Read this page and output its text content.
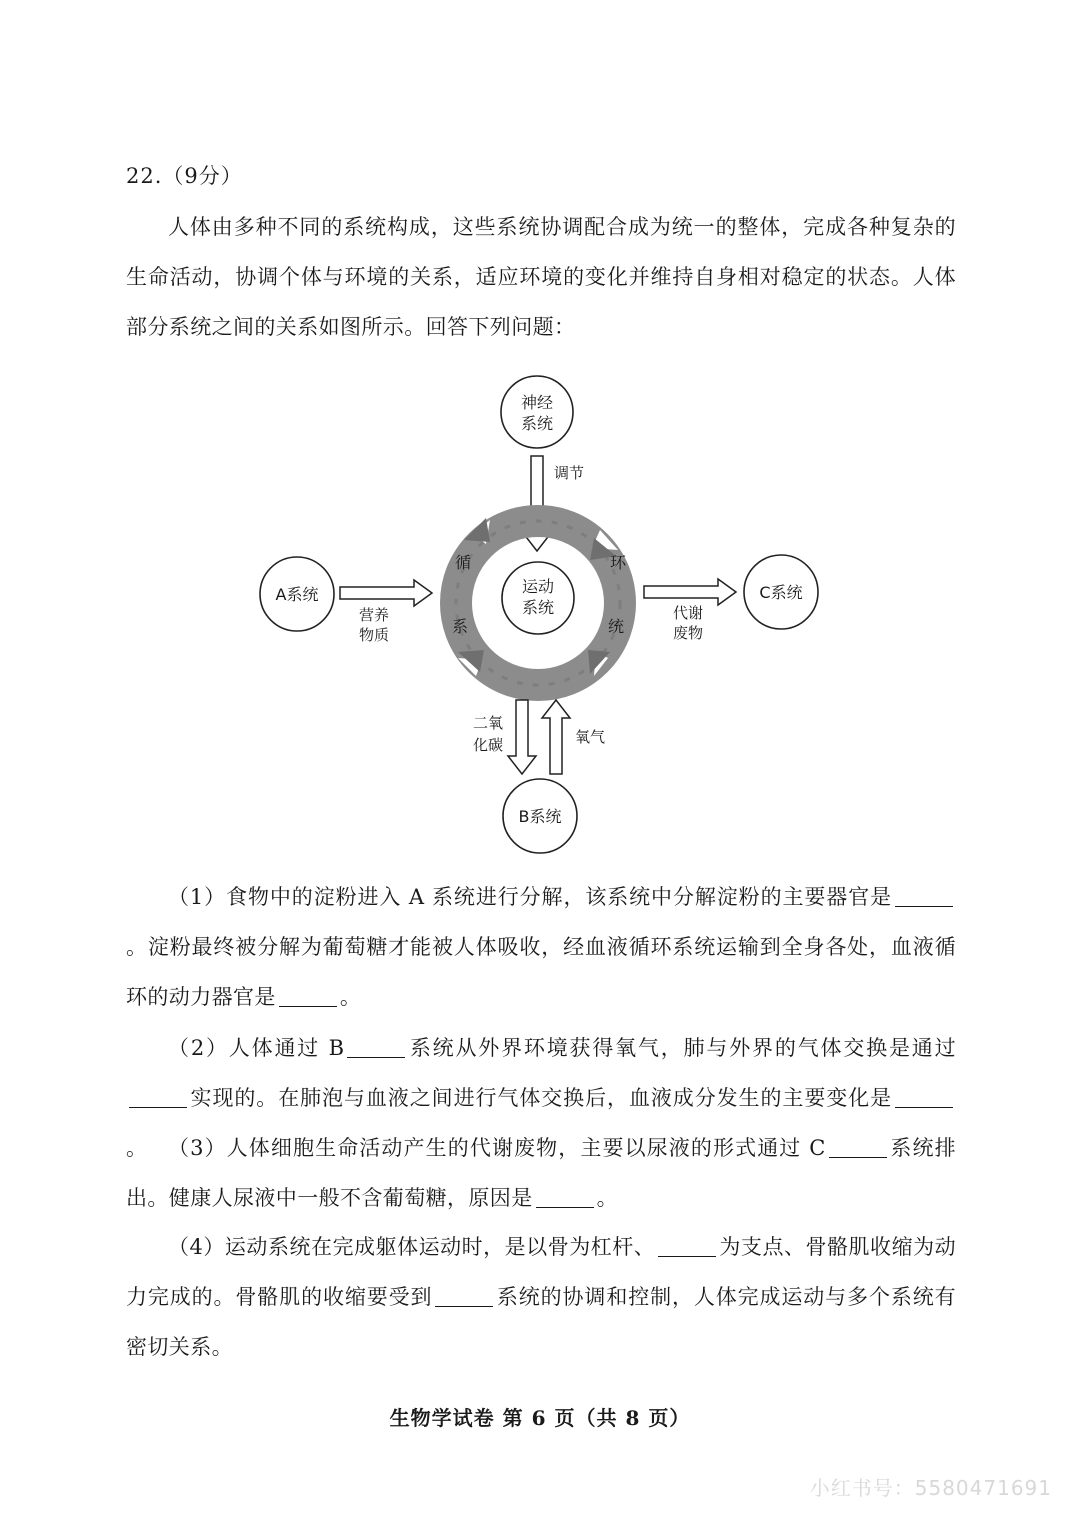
22.（9分）

人体由多种不同的系统构成，这些系统协调配合成为统一的整体，完成各种复杂的生命活动，协调个体与环境的关系，适应环境的变化并维持自身相对稳定的状态。人体部分系统之间的关系如图所示。回答下列问题：

神经
系统
调节
循	环
系	统
运动
系统
A系统
营养
物质
C系统
代谢
废物
二氧
化碳	氧气
B系统

（1）食物中的淀粉进入 A 系统进行分解，该系统中分解淀粉的主要器官是。淀粉最终被分解为葡萄糖才能被人体吸收，经血液循环系统运输到全身各处，血液循环的动力器官是	。

（2）人体通过 B	系统从外界环境获得氧气，肺与外界的气体交换是通过实现的。在肺泡与血液之间进行气体交换后，血液成分发生的主要变化是。 （3）人体细胞生命活动产生的代谢废物，主要以尿液的形式通过 C	系统排出。健康人尿液中一般不含葡萄糖，原因是	。

（4）运动系统在完成躯体运动时，是以骨为杠杆、	为支点、骨骼肌收缩为动力完成的。骨骼肌的收缩要受到	系统的协调和控制，人体完成运动与多个系统有密切关系。

生物学试卷 第 6 页（共 8 页）
小红书号：5580471691
